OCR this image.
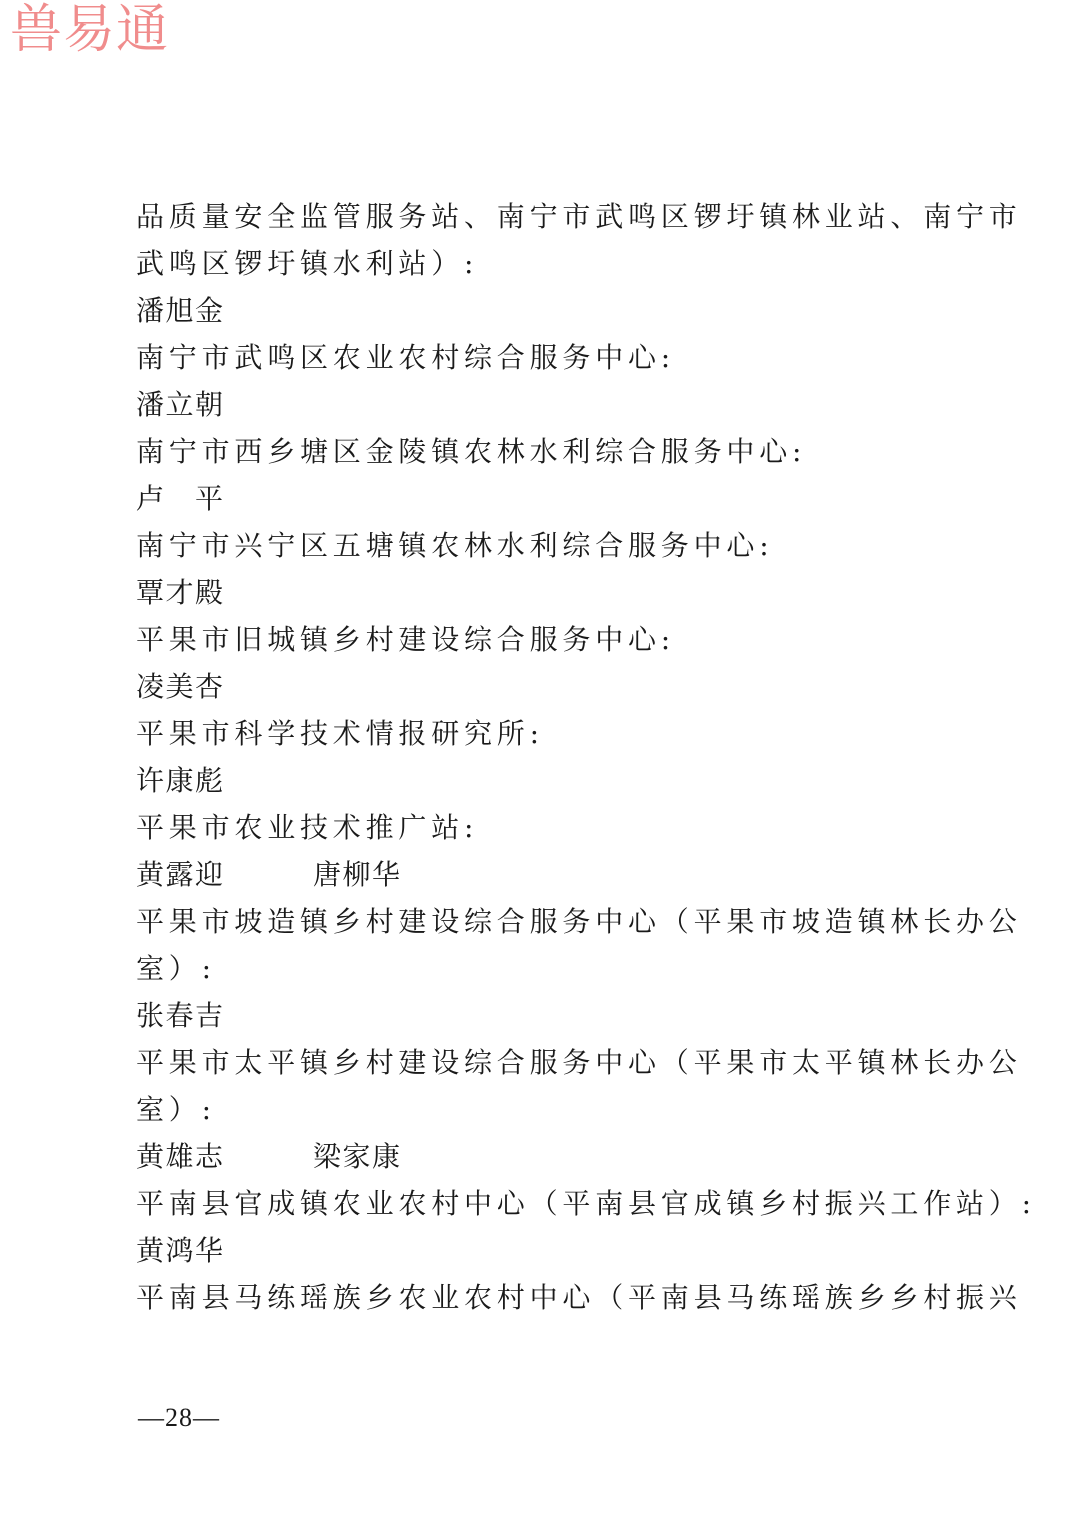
兽易通
品质量安全监管服务站、南宁市武鸣区锣圩镇林业站、南宁市
武鸣区锣圩镇水利站）:
潘旭金
南宁市武鸣区农业农村综合服务中心:
潘立朝
南宁市西乡塘区金陵镇农林水利综合服务中心:
卢　平
南宁市兴宁区五塘镇农林水利综合服务中心:
覃才殿
平果市旧城镇乡村建设综合服务中心:
凌美杏
平果市科学技术情报研究所:
许康彪
平果市农业技术推广站:
黄露迎　　　唐柳华
平果市坡造镇乡村建设综合服务中心（平果市坡造镇林长办公
室）:
张春吉
平果市太平镇乡村建设综合服务中心（平果市太平镇林长办公
室）:
黄雄志　　　梁家康
平南县官成镇农业农村中心（平南县官成镇乡村振兴工作站）:
黄鸿华
平南县马练瑶族乡农业农村中心（平南县马练瑶族乡乡村振兴
—28—
